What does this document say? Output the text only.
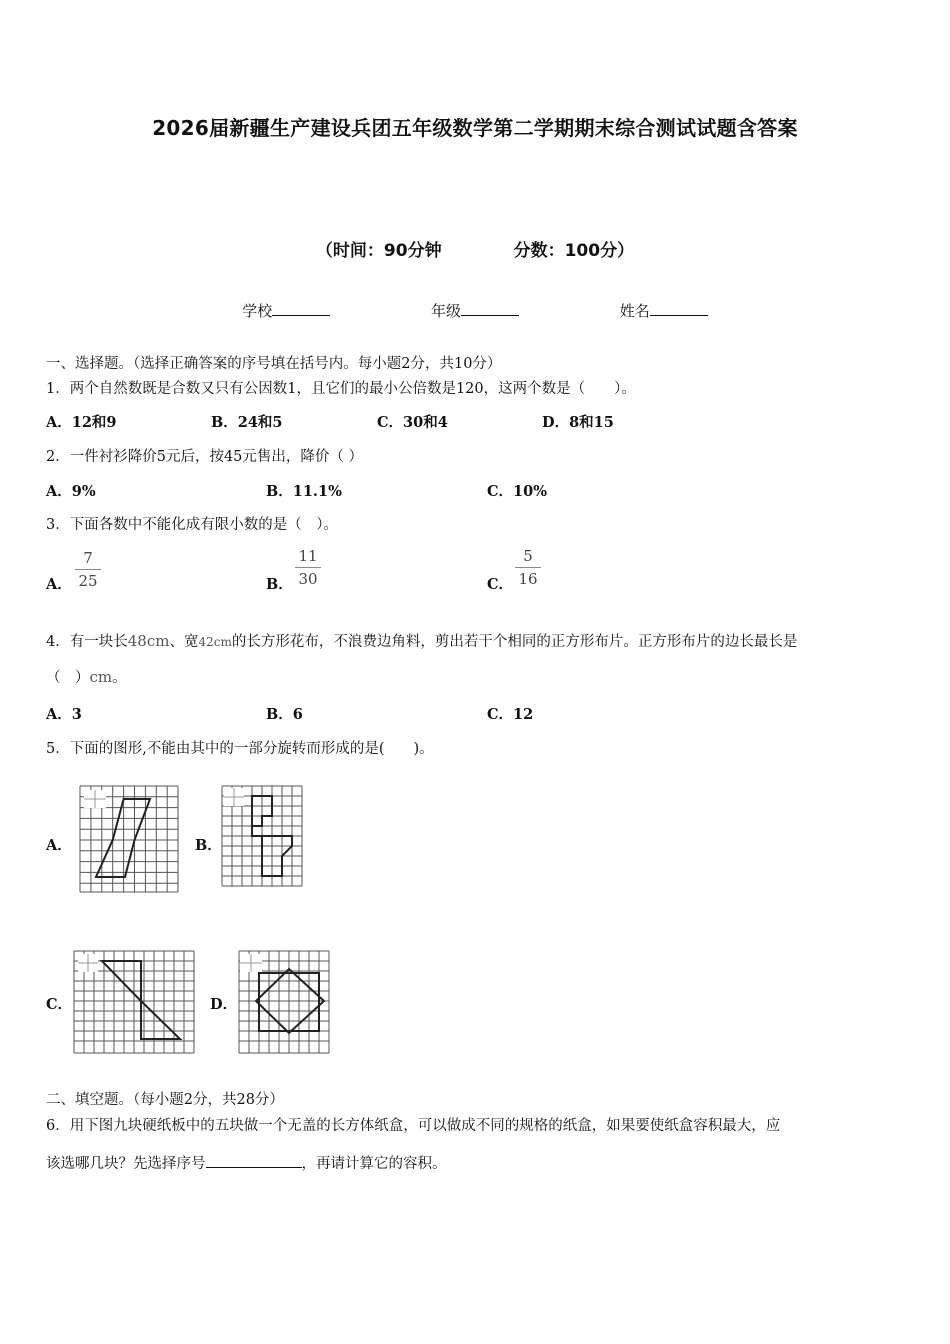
2026届新疆生产建设兵团五年级数学第二学期期末综合测试试题含答案
（时间：90分钟	分数：100分）
学校	年级	姓名
一、选择题。（选择正确答案的序号填在括号内。每小题2分，共10分）
1．两个自然数既是合数又只有公因数1，且它们的最小公倍数是120，这两个数是（　　）。
A．12和9	B．24和5	C．30和4	D．8和15
2．一件衬衫降价5元后，按45元售出，降价（ ）
A．9%	B．11.1%	C．10%
3．下面各数中不能化成有限小数的是（　）。
A．
7
25	B．
11
30	C．
5
16
4．有一块长48cm、宽42cm的长方形花布，不浪费边角料，剪出若干个相同的正方形布片。正方形布片的边长最长是
（　）cm。
A．3	B．6	C．12
5．下面的图形,不能由其中的一部分旋转而形成的是(　　)。
A．	B．
C．	D．
二、填空题。（每小题2分，共28分）
6．用下图九块硬纸板中的五块做一个无盖的长方体纸盒，可以做成不同的规格的纸盒，如果要使纸盒容积最大，应
该选哪几块？先选择序号	，再请计算它的容积。
